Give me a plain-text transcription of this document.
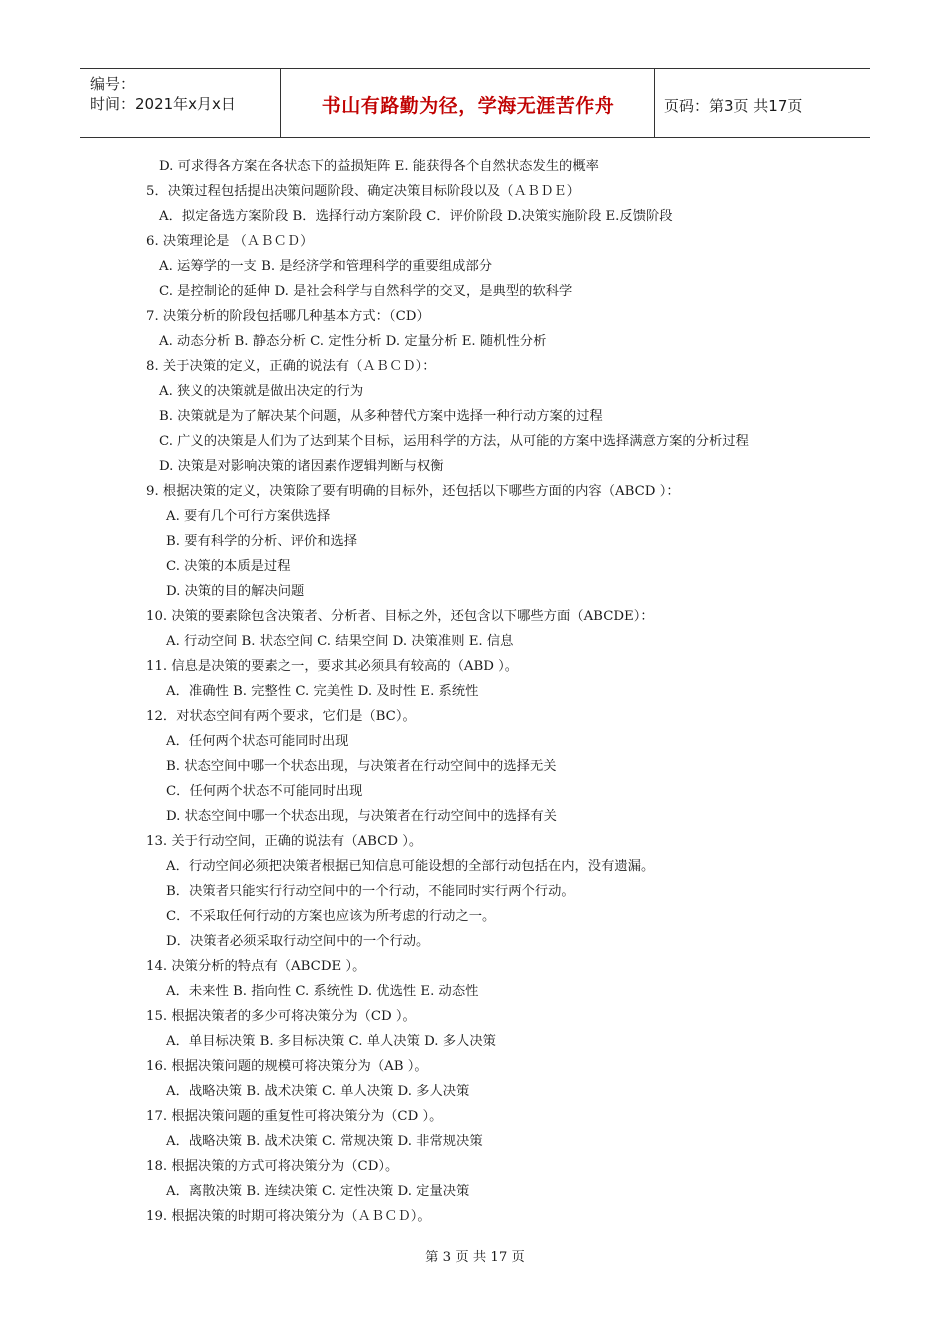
编号：
时间：2021年x月x日	书山有路勤为径，学海无涯苦作舟	页码：第3页 共17页
D. 可求得各方案在各状态下的益损矩阵 E. 能获得各个自然状态发生的概率
5．决策过程包括提出决策问题阶段、确定决策目标阶段以及（ＡＢＤＥ）
A．拟定备选方案阶段 B．选择行动方案阶段 C．评价阶段 D.决策实施阶段 E.反馈阶段
6. 决策理论是 （ＡＢＣＤ）
A. 运筹学的一支 B. 是经济学和管理科学的重要组成部分
C. 是控制论的延伸 D. 是社会科学与自然科学的交叉，是典型的软科学
7. 决策分析的阶段包括哪几种基本方式：（CD）
A. 动态分析 B. 静态分析 C. 定性分析 D. 定量分析 E. 随机性分析
8. 关于决策的定义，正确的说法有（ＡＢＣＤ）：
A. 狭义的决策就是做出决定的行为
B. 决策就是为了解决某个问题，从多种替代方案中选择一种行动方案的过程
C. 广义的决策是人们为了达到某个目标，运用科学的方法，从可能的方案中选择满意方案的分析过程
D. 决策是对影响决策的诸因素作逻辑判断与权衡
9. 根据决策的定义，决策除了要有明确的目标外，还包括以下哪些方面的内容（ABCD ）：
A. 要有几个可行方案供选择
B. 要有科学的分析、评价和选择
C. 决策的本质是过程
D. 决策的目的解决问题
10. 决策的要素除包含决策者、分析者、目标之外，还包含以下哪些方面（ABCDE）：
A. 行动空间 B. 状态空间 C. 结果空间 D. 决策准则 E. 信息
11. 信息是决策的要素之一，要求其必须具有较高的（ABD ）。
A．准确性 B. 完整性 C. 完美性 D. 及时性 E. 系统性
12．对状态空间有两个要求，它们是（BC）。
A．任何两个状态可能同时出现
B. 状态空间中哪一个状态出现，与决策者在行动空间中的选择无关
C．任何两个状态不可能同时出现
D. 状态空间中哪一个状态出现，与决策者在行动空间中的选择有关
13. 关于行动空间，正确的说法有（ABCD ）。
A．行动空间必须把决策者根据已知信息可能设想的全部行动包括在内，没有遗漏。
B．决策者只能实行行动空间中的一个行动，不能同时实行两个行动。
C．不采取任何行动的方案也应该为所考虑的行动之一。
D．决策者必须采取行动空间中的一个行动。
14. 决策分析的特点有（ABCDE ）。
A．未来性 B. 指向性 C. 系统性 D. 优选性 E. 动态性
15. 根据决策者的多少可将决策分为（CD ）。
A．单目标决策 B. 多目标决策 C. 单人决策 D. 多人决策
16. 根据决策问题的规模可将决策分为（AB ）。
A．战略决策 B. 战术决策 C. 单人决策 D. 多人决策
17. 根据决策问题的重复性可将决策分为（CD ）。
A．战略决策 B. 战术决策 C. 常规决策 D. 非常规决策
18. 根据决策的方式可将决策分为（CD）。
A．离散决策 B. 连续决策 C. 定性决策 D. 定量决策
19. 根据决策的时期可将决策分为（ＡＢＣＤ）。
第 3 页 共 17 页
